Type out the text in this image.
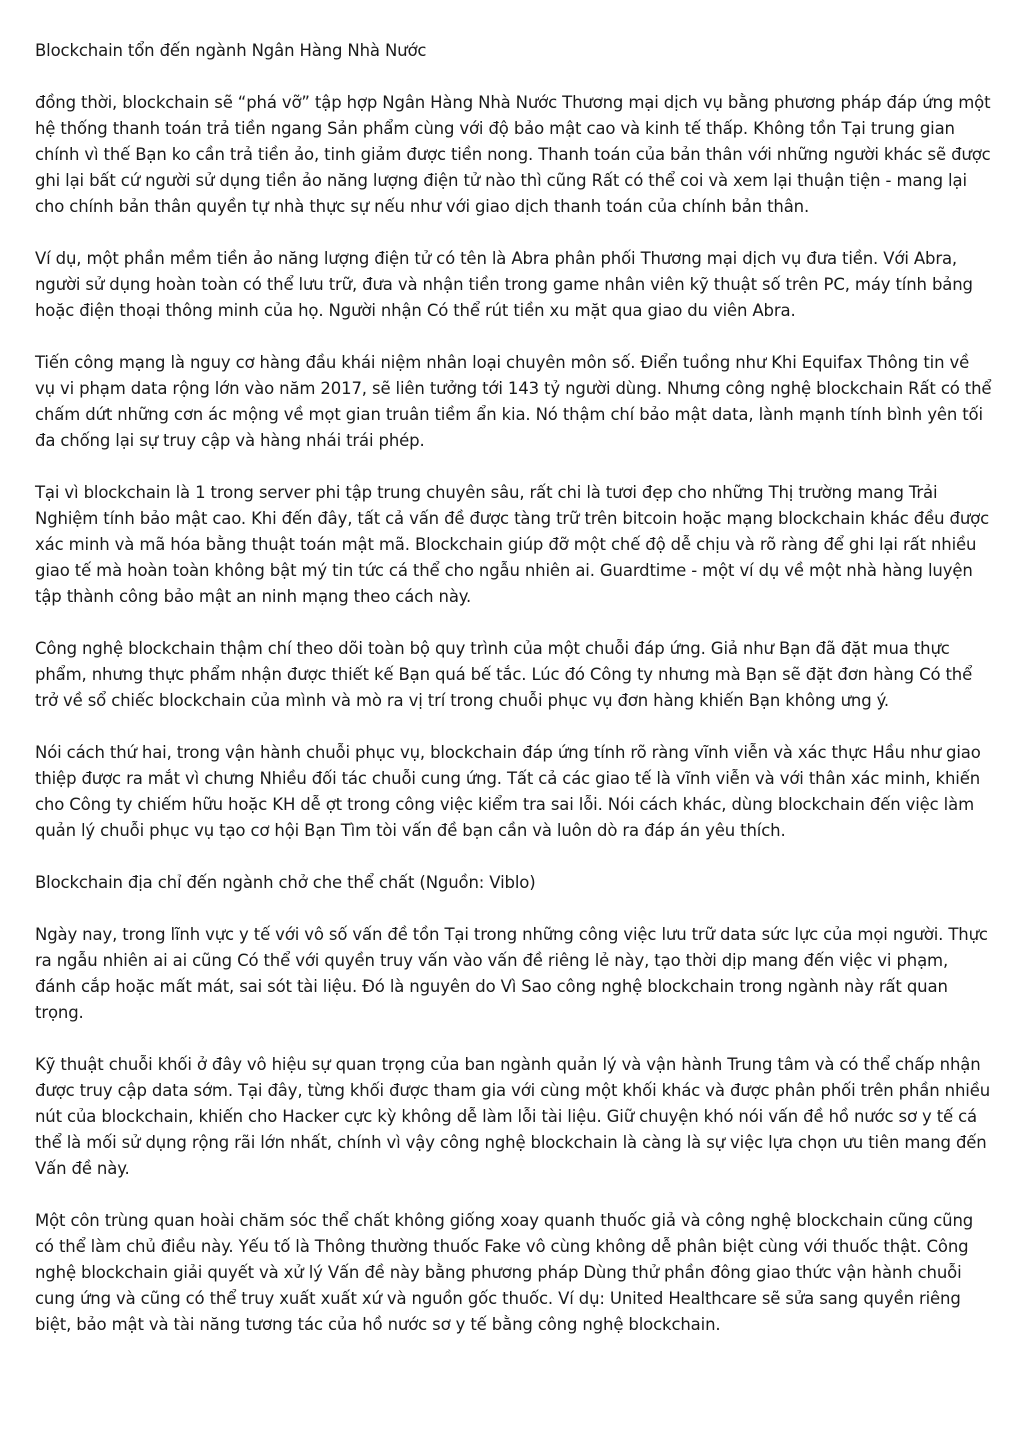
Blockchain tổn đến ngành Ngân Hàng Nhà Nước

đồng thời, blockchain sẽ “phá vỡ” tập hợp Ngân Hàng Nhà Nước Thương mại dịch vụ bằng phương pháp đáp ứng một hệ thống thanh toán trả tiền ngang Sản phẩm cùng với độ bảo mật cao và kinh tế thấp. Không tồn Tại trung gian chính vì thế Bạn ko cần trả tiền ảo, tinh giảm được tiền nong. Thanh toán của bản thân với những người khác sẽ được ghi lại bất cứ người sử dụng tiền ảo năng lượng điện tử nào thì cũng Rất có thể coi và xem lại thuận tiện - mang lại cho chính bản thân quyền tự nhà thực sự nếu như với giao dịch thanh toán của chính bản thân.

Ví dụ, một phần mềm tiền ảo năng lượng điện tử có tên là Abra phân phối Thương mại dịch vụ đưa tiền. Với Abra, người sử dụng hoàn toàn có thể lưu trữ, đưa và nhận tiền trong game nhân viên kỹ thuật số trên PC, máy tính bảng hoặc điện thoại thông minh của họ. Người nhận Có thể rút tiền xu mặt qua giao du viên Abra.

Tiến công mạng là nguy cơ hàng đầu khái niệm nhân loại chuyên môn số. Điển tuồng như Khi Equifax Thông tin về vụ vi phạm data rộng lớn vào năm 2017, sẽ liên tưởng tới 143 tỷ người dùng. Nhưng công nghệ blockchain Rất có thể chấm dứt những cơn ác mộng về mọt gian truân tiềm ẩn kia. Nó thậm chí bảo mật data, lành mạnh tính bình yên tối đa chống lại sự truy cập và hàng nhái trái phép.

Tại vì blockchain là 1 trong server phi tập trung chuyên sâu, rất chi là tươi đẹp cho những Thị trường mang Trải Nghiệm tính bảo mật cao. Khi đến đây, tất cả vấn đề được tàng trữ trên bitcoin hoặc mạng blockchain khác đều được xác minh và mã hóa bằng thuật toán mật mã. Blockchain giúp đỡ một chế độ dễ chịu và rõ ràng để ghi lại rất nhiều giao tế mà hoàn toàn không bật mý tin tức cá thể cho ngẫu nhiên ai. Guardtime - một ví dụ về một nhà hàng luyện tập thành công bảo mật an ninh mạng theo cách này.

Công nghệ blockchain thậm chí theo dõi toàn bộ quy trình của một chuỗi đáp ứng. Giả như Bạn đã đặt mua thực phẩm, nhưng thực phẩm nhận được thiết kế Bạn quá bế tắc. Lúc đó Công ty nhưng mà Bạn sẽ đặt đơn hàng Có thể trở về sổ chiếc blockchain của mình và mò ra vị trí trong chuỗi phục vụ đơn hàng khiến Bạn không ưng ý.

Nói cách thứ hai, trong vận hành chuỗi phục vụ, blockchain đáp ứng tính rõ ràng vĩnh viễn và xác thực Hầu như giao thiệp được ra mắt vì chưng Nhiều đối tác chuỗi cung ứng. Tất cả các giao tế là vĩnh viễn và với thân xác minh, khiến cho Công ty chiếm hữu hoặc KH dễ ợt trong công việc kiểm tra sai lỗi. Nói cách khác, dùng blockchain đến việc làm quản lý chuỗi phục vụ tạo cơ hội Bạn Tìm tòi vấn đề bạn cần và luôn dò ra đáp án yêu thích.

Blockchain địa chỉ đến ngành chở che thể chất (Nguồn: Viblo)

Ngày nay, trong lĩnh vực y tế với vô số vấn đề tồn Tại trong những công việc lưu trữ data sức lực của mọi người. Thực ra ngẫu nhiên ai ai cũng Có thể với quyền truy vấn vào vấn đề riêng lẻ này, tạo thời dịp mang đến việc vi phạm, đánh cắp hoặc mất mát, sai sót tài liệu. Đó là nguyên do Vì Sao công nghệ blockchain trong ngành này rất quan trọng.

Kỹ thuật chuỗi khối ở đây vô hiệu sự quan trọng của ban ngành quản lý và vận hành Trung tâm và có thể chấp nhận được truy cập data sớm. Tại đây, từng khối được tham gia với cùng một khối khác và được phân phối trên phần nhiều nút của blockchain, khiến cho Hacker cực kỳ không dễ làm lỗi tài liệu. Giữ chuyện khó nói vấn đề hồ nước sơ y tế cá thể là mối sử dụng rộng rãi lớn nhất, chính vì vậy công nghệ blockchain là càng là sự việc lựa chọn ưu tiên mang đến Vấn đề này.

Một côn trùng quan hoài chăm sóc thể chất không giống xoay quanh thuốc giả và công nghệ blockchain cũng cũng có thể làm chủ điều này. Yếu tố là Thông thường thuốc Fake vô cùng không dễ phân biệt cùng với thuốc thật. Công nghệ blockchain giải quyết và xử lý Vấn đề này bằng phương pháp Dùng thử phần đông giao thức vận hành chuỗi cung ứng và cũng có thể truy xuất xuất xứ và nguồn gốc thuốc. Ví dụ: United Healthcare sẽ sửa sang quyền riêng biệt, bảo mật và tài năng tương tác của hồ nước sơ y tế bằng công nghệ blockchain.
